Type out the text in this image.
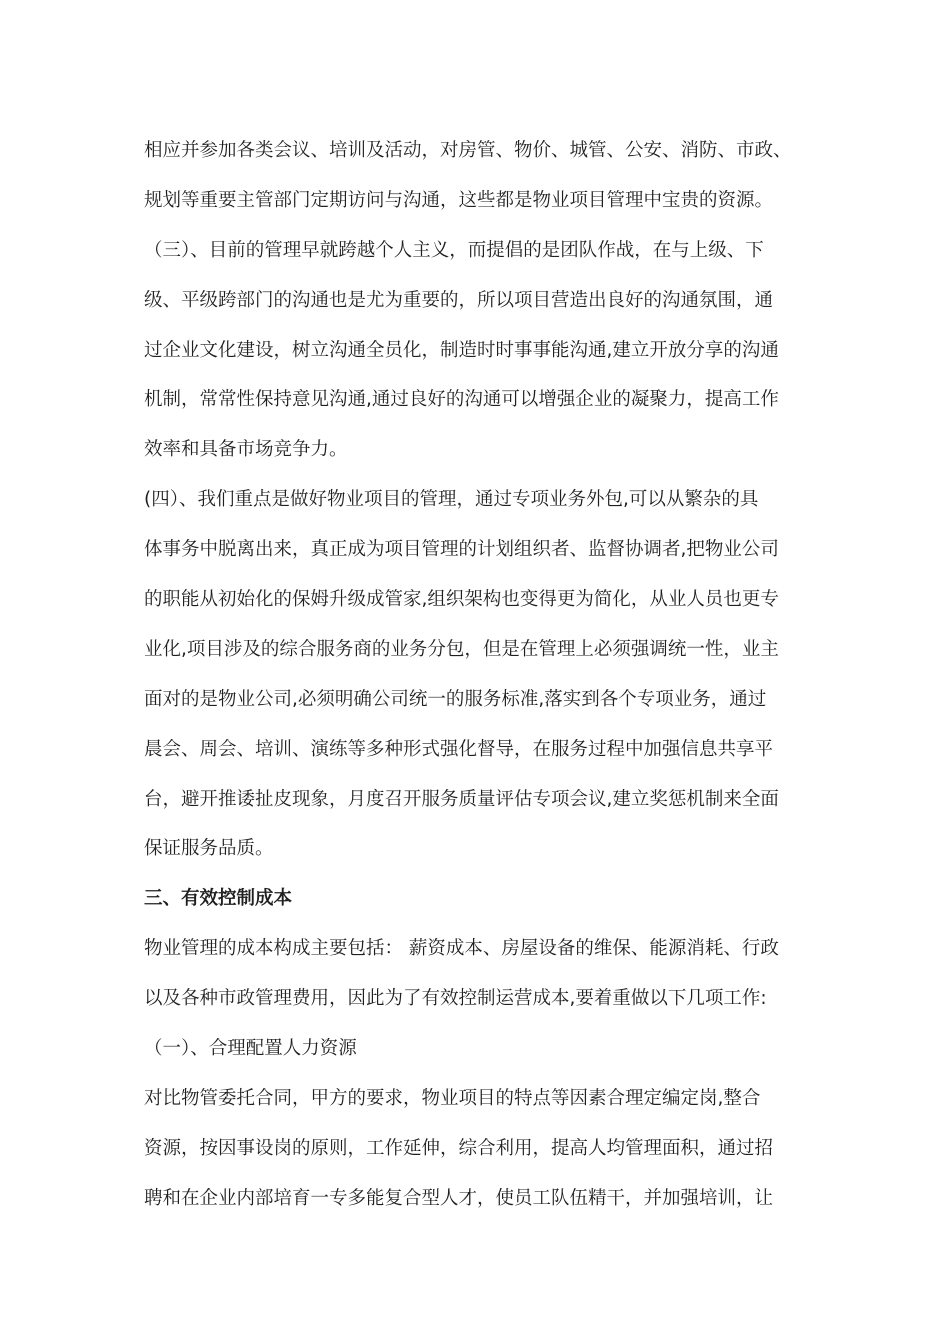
相应并参加各类会议、培训及活动，对房管、物价、城管、公安、消防、市政、
规划等重要主管部门定期访问与沟通，这些都是物业项目管理中宝贵的资源。
（三）、目前的管理早就跨越个人主义，而提倡的是团队作战，在与上级、下
级、平级跨部门的沟通也是尤为重要的，所以项目营造出良好的沟通氛围，通
过企业文化建设，树立沟通全员化，制造时时事事能沟通,建立开放分享的沟通
机制，常常性保持意见沟通,通过良好的沟通可以增强企业的凝聚力，提高工作
效率和具备市场竞争力。
(四）、我们重点是做好物业项目的管理，通过专项业务外包,可以从繁杂的具
体事务中脱离出来，真正成为项目管理的计划组织者、监督协调者,把物业公司
的职能从初始化的保姆升级成管家,组织架构也变得更为简化，从业人员也更专
业化,项目涉及的综合服务商的业务分包，但是在管理上必须强调统一性，业主
面对的是物业公司,必须明确公司统一的服务标准,落实到各个专项业务，通过
晨会、周会、培训、演练等多种形式强化督导，在服务过程中加强信息共享平
台，避开推诿扯皮现象，月度召开服务质量评估专项会议,建立奖惩机制来全面
保证服务品质。
三、有效控制成本
物业管理的成本构成主要包括： 薪资成本、房屋设备的维保、能源消耗、行政
以及各种市政管理费用，因此为了有效控制运营成本,要着重做以下几项工作:
（一）、合理配置人力资源
对比物管委托合同，甲方的要求，物业项目的特点等因素合理定编定岗,整合
资源，按因事设岗的原则，工作延伸，综合利用，提高人均管理面积，通过招
聘和在企业内部培育一专多能复合型人才，使员工队伍精干，并加强培训，让
